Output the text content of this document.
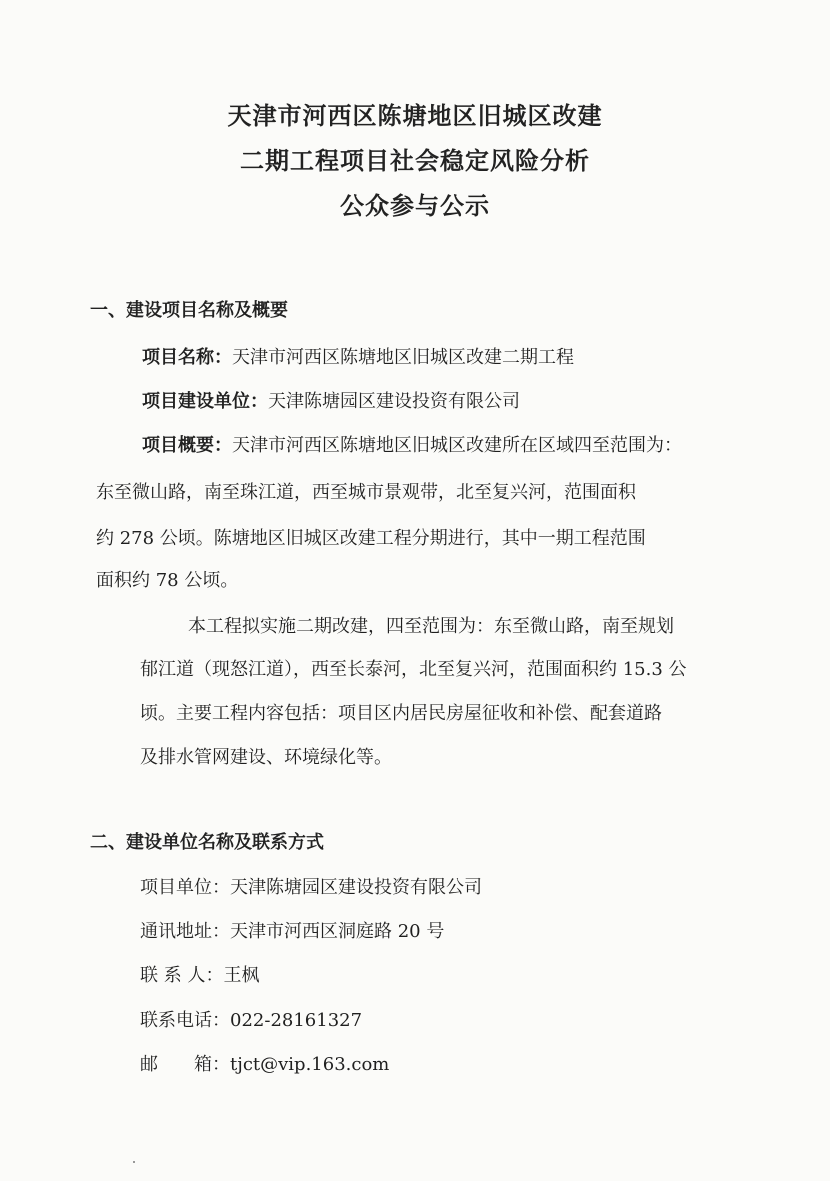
天津市河西区陈塘地区旧城区改建
二期工程项目社会稳定风险分析
公众参与公示
一、建设项目名称及概要
项目名称：天津市河西区陈塘地区旧城区改建二期工程
项目建设单位：天津陈塘园区建设投资有限公司
项目概要：天津市河西区陈塘地区旧城区改建所在区域四至范围为：
东至微山路，南至珠江道，西至城市景观带，北至复兴河，范围面积
约 278 公顷。陈塘地区旧城区改建工程分期进行，其中一期工程范围
面积约 78 公顷。
本工程拟实施二期改建，四至范围为：东至微山路，南至规划
郁江道（现怒江道），西至长泰河，北至复兴河，范围面积约 15.3 公
顷。主要工程内容包括：项目区内居民房屋征收和补偿、配套道路
及排水管网建设、环境绿化等。
二、建设单位名称及联系方式
项目单位：天津陈塘园区建设投资有限公司
通讯地址：天津市河西区洞庭路 20 号
联 系 人：王枫
联系电话：022-28161327
邮　　箱：tjct@vip.163.com
